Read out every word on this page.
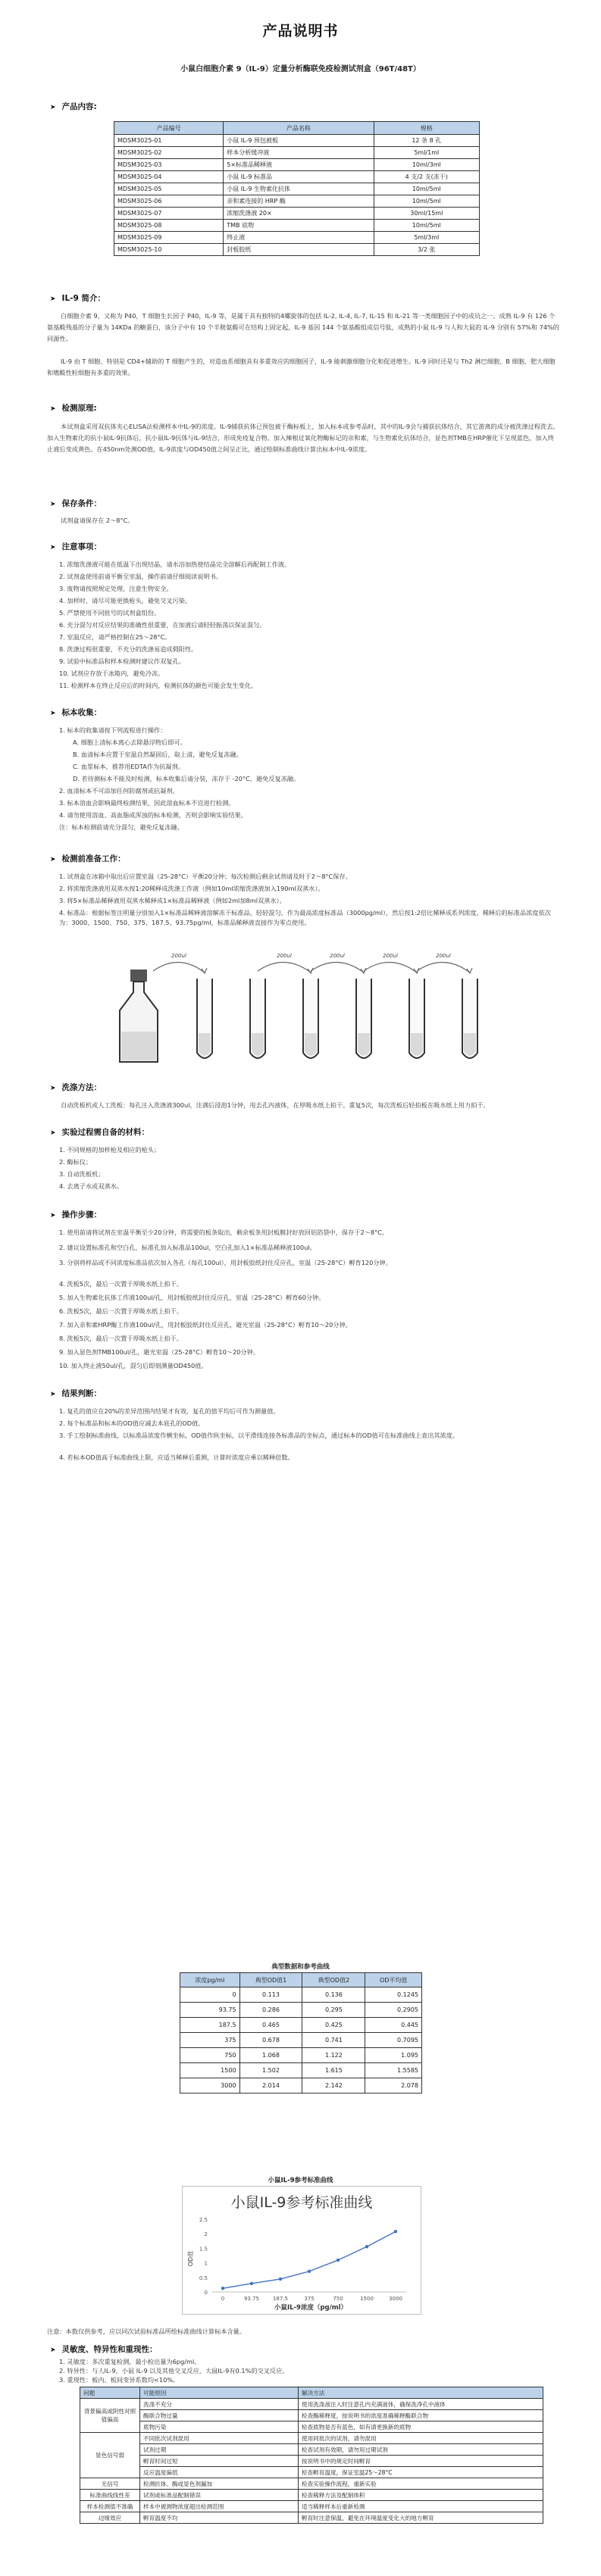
产品说明书
小鼠白细胞介素 9（IL-9）定量分析酶联免疫检测试剂盒（96T/48T）
➤ 产品内容:
产品编号	产品名称	规格
MDSM3025-01	小鼠 IL-9 预包被板	12 条 8 孔
MDSM3025-02	样本分析缓冲液	5ml/1ml
MDSM3025-03	5×标准品稀释液	10ml/3ml
MDSM3025-04	小鼠 IL-9 标准品	4 支/2 支(冻干)
MDSM3025-05	小鼠 IL-9 生物素化抗体	10ml/5ml
MDSM3025-06	亲和素连接的 HRP 酶	10ml/5ml
MDSM3025-07	浓缩洗涤液 20×	30ml/15ml
MDSM3025-08	TMB 底物	10ml/5ml
MDSM3025-09	终止液	5ml/3ml
MDSM3025-10	封板胶纸	3/2 张
➤ IL-9 简介：
白细胞介素 9，又称为 P40，T 细胞生长因子 P40，IL-9 等，是属于具有独特的4螺旋体的包括 IL-2, IL-4, IL-7, IL-15 和 IL-21 等一类细胞因子中的成员之一。成熟 IL-9 有 126 个氨基酸残基的分子量为 14KDa 的糖蛋白，该分子中有 10 个半胱氨酸可在结构上固定起，IL-9 基因 144 个氨基酸组成信号肽，成熟的小鼠 IL-9 与人和大鼠的 IL-9 分别有 57%和 74%的同源性。
IL-9 由 T 细胞、特别是 CD4+辅助的 T 细胞产生的，对造血系细胞具有多重效应的细胞因子，IL-9 能刺激细胞分化和促进增生。IL-9 同时还是与 Th2 淋巴细胞、B 细胞、肥大细胞和嗜酸性粒细胞有多重的效果。
➤ 检测原理:
本试剂盒采用双抗体夹心ELISA法检测样本中IL-9的浓度。IL-9捕获抗体已预包被于酶标板上，加入标本或参考品时，其中的IL-9会与捕获抗体结合，其它游离的成分被洗涤过程洗去。加入生物素化的抗小鼠IL-9抗体后，抗小鼠IL-9抗体与IL-9结合，形成免疫复合物。加入辣根过氧化物酶标记的亲和素，与生物素化抗体结合，显色剂TMB在HRP催化下呈现蓝色，加入终止液后变成黄色。在450nm处测OD值，IL-9浓度与OD450值之间呈正比，通过绘制标准曲线计算出标本中IL-9浓度。
➤ 保存条件：
试剂盒请保存在 2～8°C。
➤ 注意事项：
1. 浓缩洗涤液可能在低温下出现结晶，请水浴加热使结晶完全溶解后再配制工作液。
2. 试剂盒使用前请平衡至室温，操作前请仔细阅读说明书。
3. 废物请按照规定处理，注意生物安全。
4. 加样时，请尽可能更换枪头，避免交叉污染。
5. 严禁使用不同批号的试剂盒组份。
6. 充分混匀对反应结果的准确性很重要，在加液后请轻轻振荡以保证混匀。
7. 室温反应，请严格控制在25～28°C。
8. 洗涤过程很重要，不充分的洗涤易造成假阳性。
9. 试验中标准品和样本检测时建议作双复孔。
10. 试剂应存放于冰箱内，避免冷冻。
11. 检测样本在终止反应后的时间内，检测抗体的颜色可能会发生变化。
➤ 标本收集：
1. 标本的收集请按下列流程进行操作：
A. 细胞上清标本离心去除悬浮物后即可。
B. 血清标本应置于室温自然凝固后，取上清，避免反复冻融。
C. 血浆标本，推荐用EDTA作为抗凝剂。
D. 若待测标本不能及时检测，标本收集后请分装，冻存于 -20°C，避免反复冻融。
2. 血清标本不可添加任何防腐剂或抗凝剂。
3. 标本溶血会影响最终检测结果，因此溶血标本不宜进行检测。
4. 请勿使用溶血、高血脂或浑浊的标本检测，否则会影响实验结果。
注：标本检测前请充分混匀，避免反复冻融。
➤ 检测前准备工作：
1. 试剂盒在冰箱中取出后应置室温（25-28°C）平衡20分钟；每次检测后剩余试剂请及时于2～8°C保存。
2. 将浓缩洗涤液用双蒸水按1:20稀释成洗涤工作液（例如10ml浓缩洗涤液加入190ml双蒸水）。
3. 将5×标准品稀释液用双蒸水稀释成1×标准品稀释液（例如2ml加8ml双蒸水）。
4. 标准品：根据标签注明量分别加入1×标准品稀释液溶解冻干标准品，轻轻混匀，作为最高浓度标准品（3000pg/ml），然后按1:2倍比稀释成系列浓度，稀释后的标准品浓度依次为：3000、1500、750、375、187.5、93.75pg/ml，标准品稀释液直接作为零点使用。
200ul	200ul	200ul	200ul	200ul
➤ 洗涤方法：
自动洗板机或人工洗板：每孔注入洗涤液300ul，注满后浸泡1分钟，甩去孔内液体，在厚吸水纸上拍干。重复5次，每次洗板后轻拍板在吸水纸上用力拍干。
➤ 实验过程需自备的材料：
1. 不同规格的加样枪及相应的枪头；
2. 酶标仪；
3. 自动洗板机；
4. 去离子水或双蒸水。
➤ 操作步骤：
1. 使用前请将试剂在室温平衡至少20分钟，将需要的板条取出，剩余板条用封板膜封好放回铝箔袋中，保存于2～8°C。
2. 建议设置标准孔和空白孔，标准孔加入标准品100ul，空白孔加入1×标准品稀释液100ul。
3. 分别将样品或不同浓度标准品依次加入各孔（每孔100ul），用封板胶纸封住反应孔，室温（25-28°C）孵育120分钟。
4. 洗板5次，最后一次置于厚吸水纸上拍干。
5. 加入生物素化抗体工作液100ul/孔，用封板胶纸封住反应孔，室温（25-28°C）孵育60分钟。
6. 洗板5次，最后一次置于厚吸水纸上拍干。
7. 加入亲和素HRP酶工作液100ul/孔，用封板胶纸封住反应孔，避光室温（25-28°C）孵育10～20分钟。
8. 洗板5次，最后一次置于厚吸水纸上拍干。
9. 加入显色剂TMB100ul/孔，避光室温（25-28°C）孵育10～20分钟。
10. 加入终止液50ul/孔，混匀后即刻测量OD450值。
➤ 结果判断：
1. 复孔的值应在20%的差异范围内结果才有效，复孔的值平均后可作为测量值。
2. 每个标准品和标本的OD值应减去本底孔的OD值。
3. 手工绘制标准曲线，以标准品浓度作横坐标，OD值作纵坐标，以平滑线连接各标准品的坐标点，通过标本的OD值可在标准曲线上查出其浓度。
4. 若标本OD值高于标准曲线上限，应适当稀释后重测，计算时浓度应乘以稀释倍数。
典型数据和参考曲线
浓度pg/ml	典型OD值1	典型OD值2	OD平均值
0	0.113	0.136	0.1245
93.75	0.286	0.295	0.2905
187.5	0.465	0.425	0.445
375	0.678	0.741	0.7095
750	1.068	1.122	1.095
1500	1.502	1.615	1.5585
3000	2.014	2.142	2.078
小鼠IL-9参考标准曲线
小鼠IL-9参考标准曲线
OD值
小鼠IL-9浓度（pg/ml）
0
0.5
1
1.5
2
2.5
0	93.75	187.5	375	750	1500	3000
注意：本数仅供参考，应以同次试验标准品所绘标准曲线计算标本含量。
➤ 灵敏度、特异性和重现性：
1. 灵敏度：多次重复检测，最小检出量为6pg/ml。
2. 特异性：与人IL-9，小鼠 IL-9 以及其他交叉反应，大鼠IL-9有0.1%的交叉反应。
3. 重现性：板内、板间变异系数均<10%。
问题	可能原因	解决方法
背景偏高或阴性对照值偏高	洗涤不充分	使用洗涤液注入时注意孔内充满液体，确保洗净孔中液体
	酶联合物过量	检查酶稀释度，按说明书的浓度准确稀释酶联合物
	底物污染	检查底物是否有蓝色，如有请更换新的底物
显色信号弱	不同批次试剂混用	使用同批次的试剂，请勿混用
	试剂过期	检查试剂有效期，请勿用过期试剂
	孵育时间过短	按说明书中的规定时间孵育
	反应温度偏低	检查孵育温度，保证室温25～28°C
无信号	检测抗体、酶或显色剂漏加	检查实验操作流程，重新实验
标准曲线线性差	试剂或标准品配制错误	检查稀释方法及配制体积
样本检测值不准确	样本中被测物浓度超出检测范围	适当稀释样本后重新检测
边缘效应	孵育温度不均	孵育时注意保温，避免在环境温度变化大的地方孵育
